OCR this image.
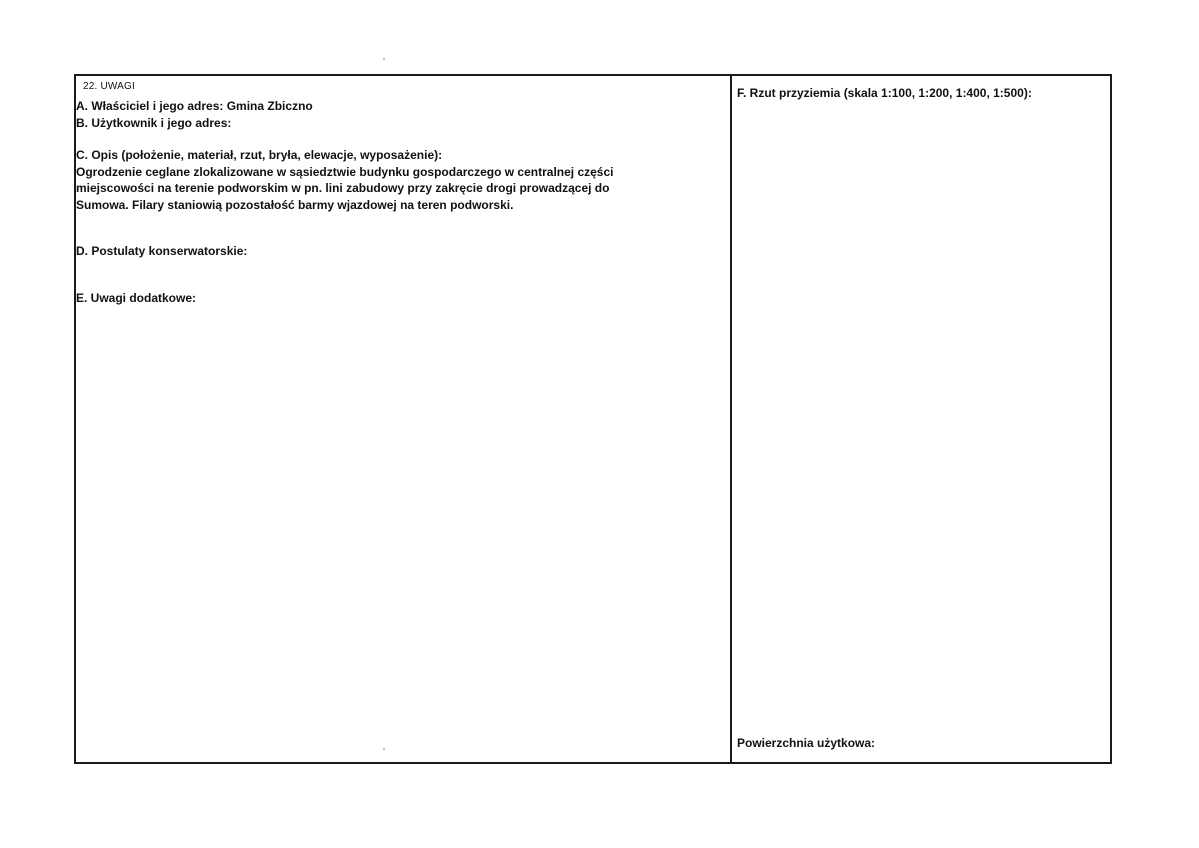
22. UWAGI
A. Właściciel i jego adres: Gmina Zbiczno
B. Użytkownik i jego adres:
C. Opis (położenie, materiał, rzut, bryła, elewacje, wyposażenie):
Ogrodzenie ceglane zlokalizowane w sąsiedztwie budynku gospodarczego w centralnej części
miejscowości na terenie podworskim w pn. lini zabudowy przy zakręcie drogi prowadzącej do
Sumowa. Filary staniowią pozostałość barmy wjazdowej na teren podworski.
D. Postulaty konserwatorskie:
E. Uwagi dodatkowe:
F. Rzut przyziemia (skala 1:100, 1:200, 1:400, 1:500):
Powierzchnia użytkowa:
